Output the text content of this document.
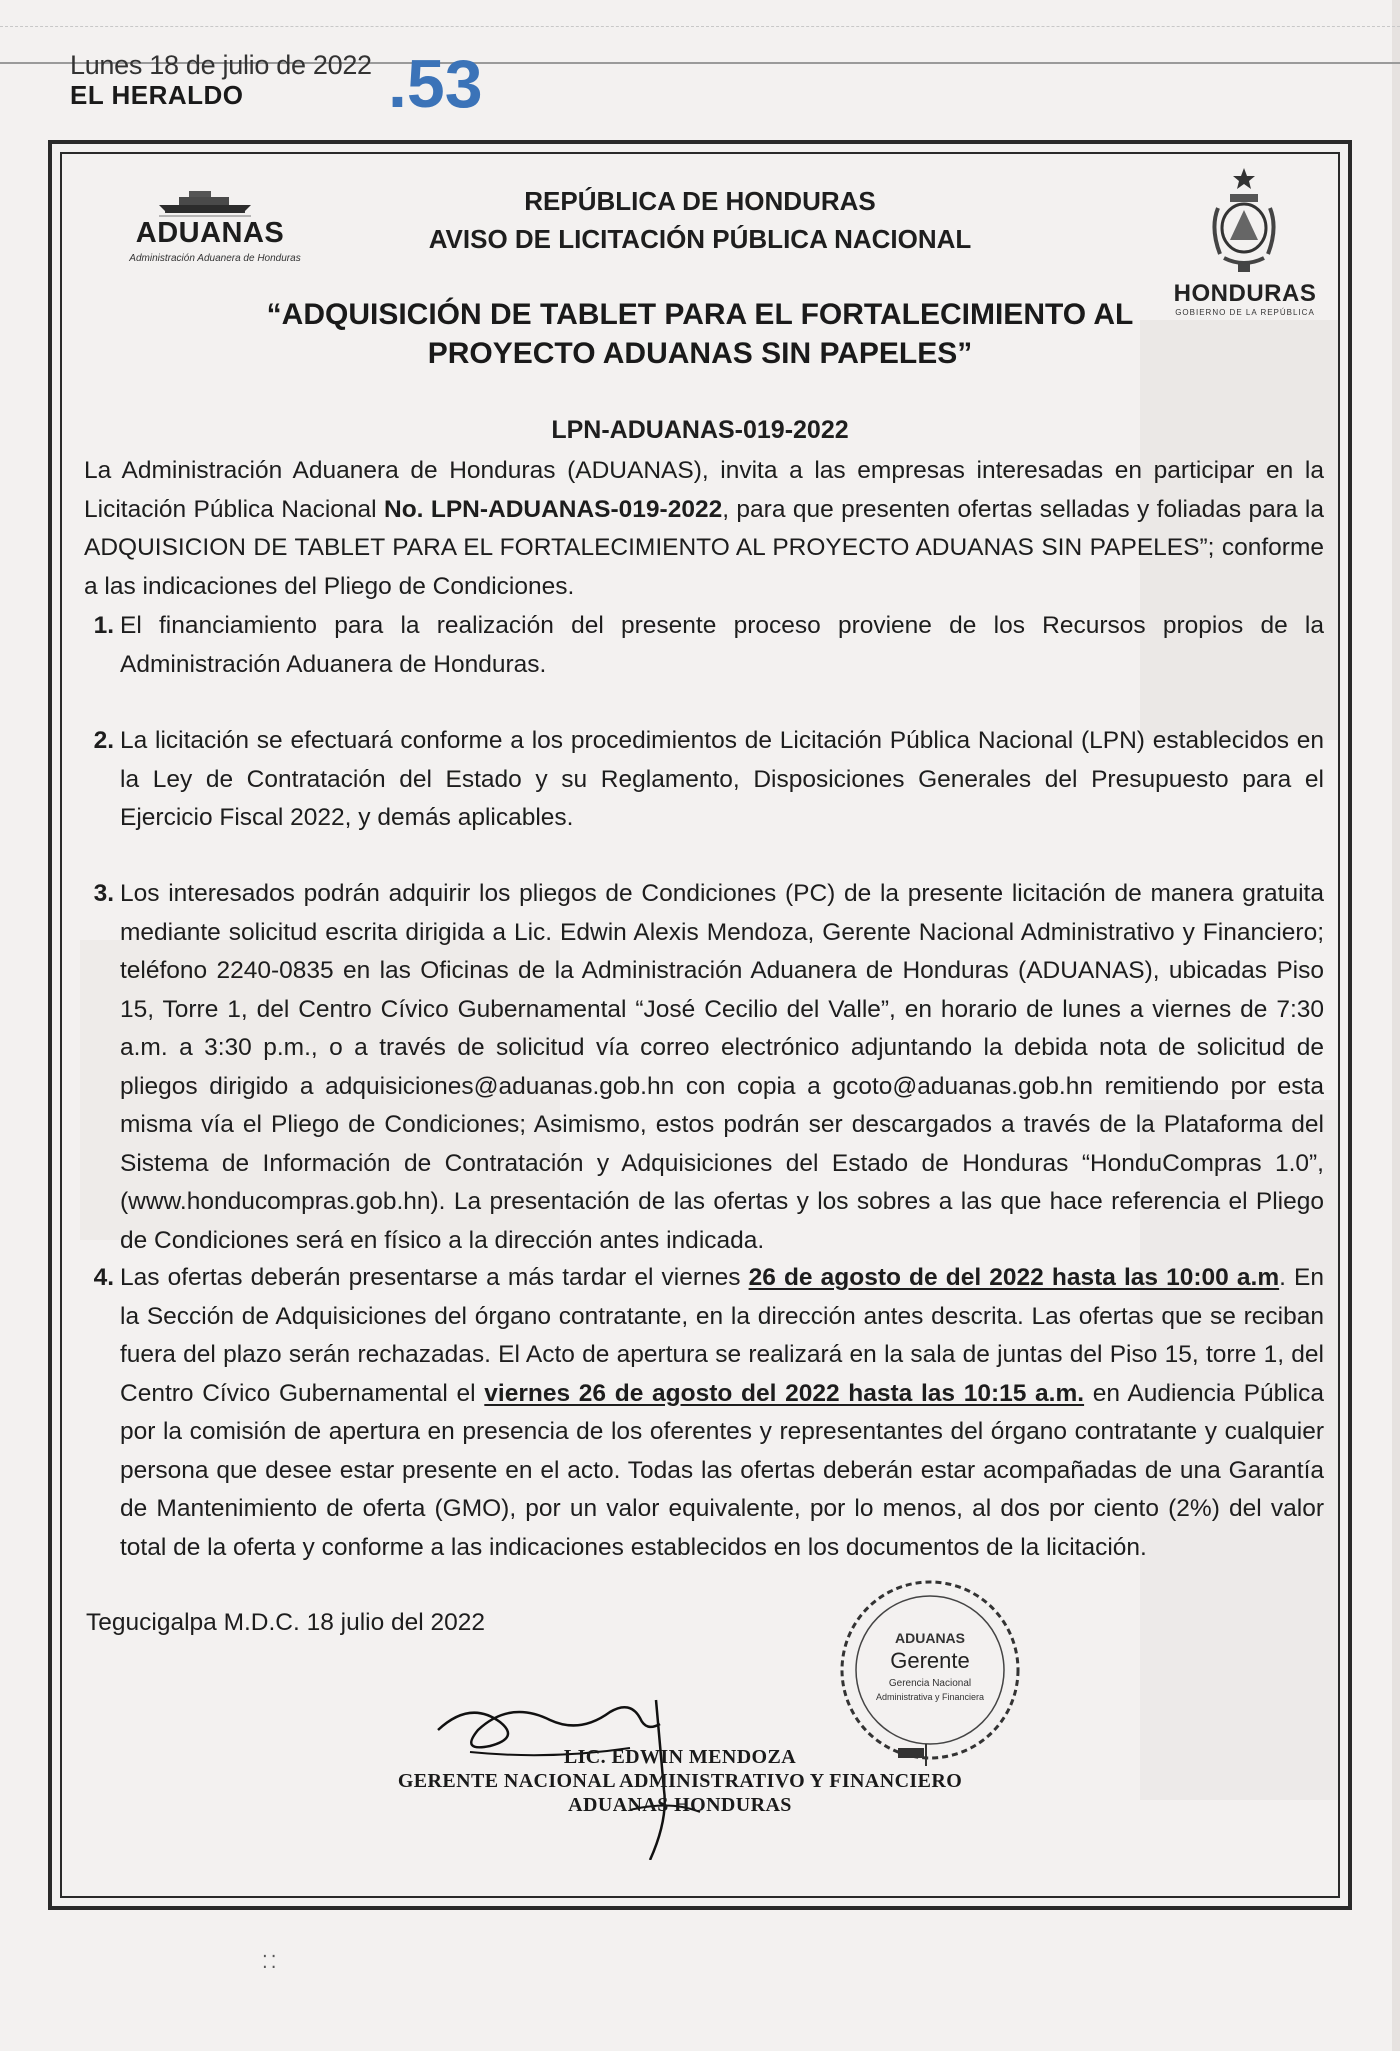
Lunes 18 de julio de 2022
EL HERALDO .53
ADUANAS
Administración Aduanera de Honduras
HONDURAS
GOBIERNO DE LA REPÚBLICA
REPÚBLICA DE HONDURAS
AVISO DE LICITACIÓN PÚBLICA NACIONAL
“ADQUISICIÓN DE TABLET PARA EL FORTALECIMIENTO AL
PROYECTO ADUANAS SIN PAPELES”
LPN-ADUANAS-019-2022
La Administración Aduanera de Honduras (ADUANAS), invita a las empresas interesadas en participar en la Licitación Pública Nacional No. LPN-ADUANAS-019-2022, para que presenten ofertas selladas y foliadas para la ADQUISICION DE TABLET PARA EL FORTALECIMIENTO AL PROYECTO ADUANAS SIN PAPELES”; conforme a las indicaciones del Pliego de Condiciones.
1. El financiamiento para la realización del presente proceso proviene de los Recursos propios de la Administración Aduanera de Honduras.
2. La licitación se efectuará conforme a los procedimientos de Licitación Pública Nacional (LPN) establecidos en la Ley de Contratación del Estado y su Reglamento, Disposiciones Generales del Presupuesto para el Ejercicio Fiscal 2022, y demás aplicables.
3. Los interesados podrán adquirir los pliegos de Condiciones (PC) de la presente licitación de manera gratuita mediante solicitud escrita dirigida a Lic. Edwin Alexis Mendoza, Gerente Nacional Administrativo y Financiero; teléfono 2240-0835 en las Oficinas de la Administración Aduanera de Honduras (ADUANAS), ubicadas Piso 15, Torre 1, del Centro Cívico Gubernamental “José Cecilio del Valle”, en horario de lunes a viernes de 7:30 a.m. a 3:30 p.m., o a través de solicitud vía correo electrónico adjuntando la debida nota de solicitud de pliegos dirigido a adquisiciones@aduanas.gob.hn con copia a gcoto@aduanas.gob.hn remitiendo por esta misma vía el Pliego de Condiciones; Asimismo, estos podrán ser descargados a través de la Plataforma del Sistema de Información de Contratación y Adquisiciones del Estado de Honduras “HonduCompras 1.0”, (www.honducompras.gob.hn). La presentación de las ofertas y los sobres a las que hace referencia el Pliego de Condiciones será en físico a la dirección antes indicada.
4. Las ofertas deberán presentarse a más tardar el viernes 26 de agosto de del 2022 hasta las 10:00 a.m. En la Sección de Adquisiciones del órgano contratante, en la dirección antes descrita. Las ofertas que se reciban fuera del plazo serán rechazadas. El Acto de apertura se realizará en la sala de juntas del Piso 15, torre 1, del Centro Cívico Gubernamental el viernes 26 de agosto del 2022 hasta las 10:15 a.m. en Audiencia Pública por la comisión de apertura en presencia de los oferentes y representantes del órgano contratante y cualquier persona que desee estar presente en el acto. Todas las ofertas deberán estar acompañadas de una Garantía de Mantenimiento de oferta (GMO), por un valor equivalente, por lo menos, al dos por ciento (2%) del valor total de la oferta y conforme a las indicaciones establecidos en los documentos de la licitación.
Tegucigalpa M.D.C. 18 julio del 2022
ADUANAS
Gerente
Gerencia Nacional
Administrativa y Financiera
LIC. EDWIN MENDOZA
GERENTE NACIONAL ADMINISTRATIVO Y FINANCIERO
ADUANAS HONDURAS
⁚⁚
